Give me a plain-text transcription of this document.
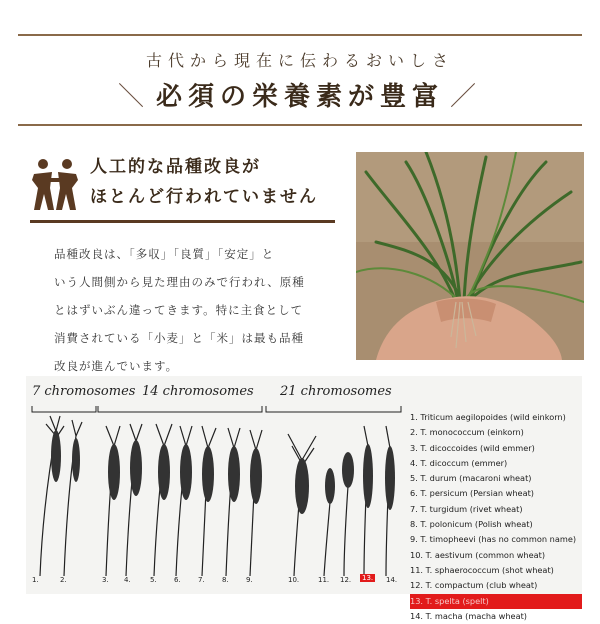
古代から現在に伝わるおいしさ
＼ 必須の栄養素が豊富 ／
人工的な品種改良が
ほとんど行われていません
品種改良は、「多収」「良質」「安定」と
いう人間側から見た理由のみで行われ、原種
とはずいぶん違ってきます。特に主食として
消費されている「小麦」と「米」は最も品種
改良が進んでいます。
7 chromosomes 14 chromosomes 21 chromosomes
1.	2.	3. 4.	5. 6. 7. 8. 9.	10.	11. 12. 13. 14.
1. Triticum aegilopoides (wild einkorn)
2. T. monococcum (einkorn)
3. T. dicoccoides (wild emmer)
4. T. dicoccum (emmer)
5. T. durum (macaroni wheat)
6. T. persicum (Persian wheat)
7. T. turgidum (rivet wheat)
8. T. polonicum (Polish wheat)
9. T. timopheevi (has no common name)
10. T. aestivum (common wheat)
11. T. sphaerococcum (shot wheat)
12. T. compactum (club wheat)
13. T. spelta (spelt)
14. T. macha (macha wheat)
